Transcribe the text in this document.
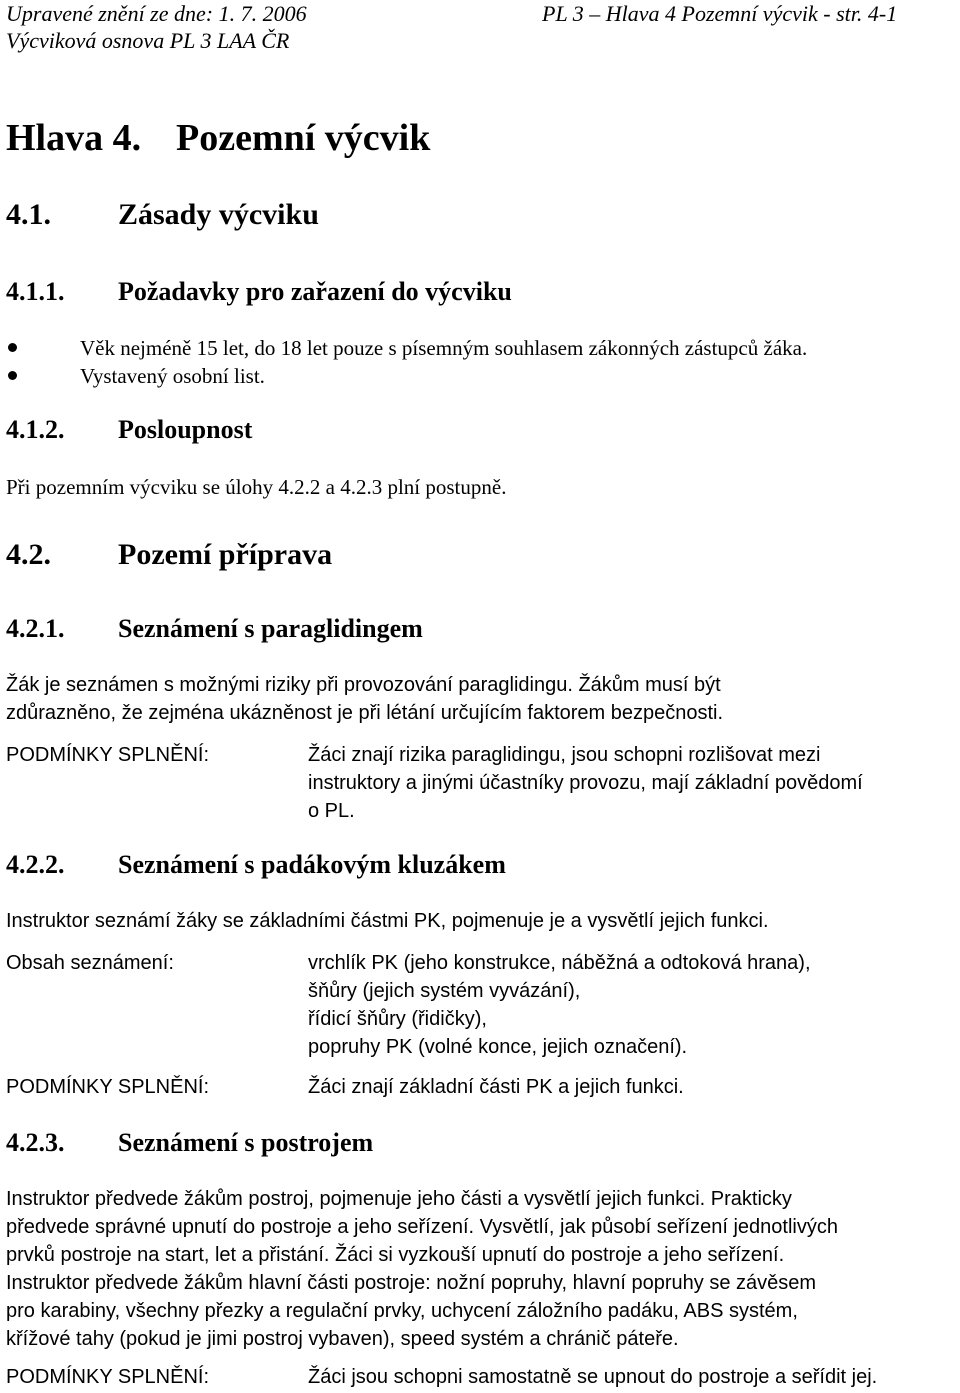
Upravené znění ze dne: 1. 7. 2006
Výcviková osnova PL 3 LAA ČR
PL 3 – Hlava 4 Pozemní výcvik - str. 4-1
Hlava 4. Pozemní výcvik
4.1. Zásady výcviku
4.1.1. Požadavky pro zařazení do výcviku
Věk nejméně 15 let, do 18 let pouze s písemným souhlasem zákonných zástupců žáka.
Vystavený osobní list.
4.1.2. Posloupnost
Při pozemním výcviku se úlohy 4.2.2 a 4.2.3 plní postupně.
4.2. Pozemí příprava
4.2.1. Seznámení s paraglidingem
Žák je seznámen s možnými riziky při provozování paraglidingu. Žákům musí být
zdůrazněno, že zejména ukázněnost je při létání určujícím faktorem bezpečnosti.
PODMÍNKY SPLNĚNÍ:	Žáci znají rizika paraglidingu, jsou schopni rozlišovat mezi
instruktory a jinými účastníky provozu, mají základní povědomí
o PL.
4.2.2. Seznámení s padákovým kluzákem
Instruktor seznámí žáky se základními částmi PK, pojmenuje je a vysvětlí jejich funkci.
Obsah seznámení:	vrchlík PK (jeho konstrukce, náběžná a odtoková hrana),
šňůry (jejich systém vyvázání),
řídicí šňůry (řidičky),
popruhy PK (volné konce, jejich označení).
PODMÍNKY SPLNĚNÍ:	Žáci znají základní části PK a jejich funkci.
4.2.3. Seznámení s postrojem
Instruktor předvede žákům postroj, pojmenuje jeho části a vysvětlí jejich funkci. Prakticky
předvede správné upnutí do postroje a jeho seřízení. Vysvětlí, jak působí seřízení jednotlivých
prvků postroje na start, let a přistání. Žáci si vyzkouší upnutí do postroje a jeho seřízení.
Instruktor předvede žákům hlavní části postroje: nožní popruhy, hlavní popruhy se závěsem
pro karabiny, všechny přezky a regulační prvky, uchycení záložního padáku, ABS systém,
křížové tahy (pokud je jimi postroj vybaven), speed systém a chránič páteře.
PODMÍNKY SPLNĚNÍ:	Žáci jsou schopni samostatně se upnout do postroje a seřídit jej.
